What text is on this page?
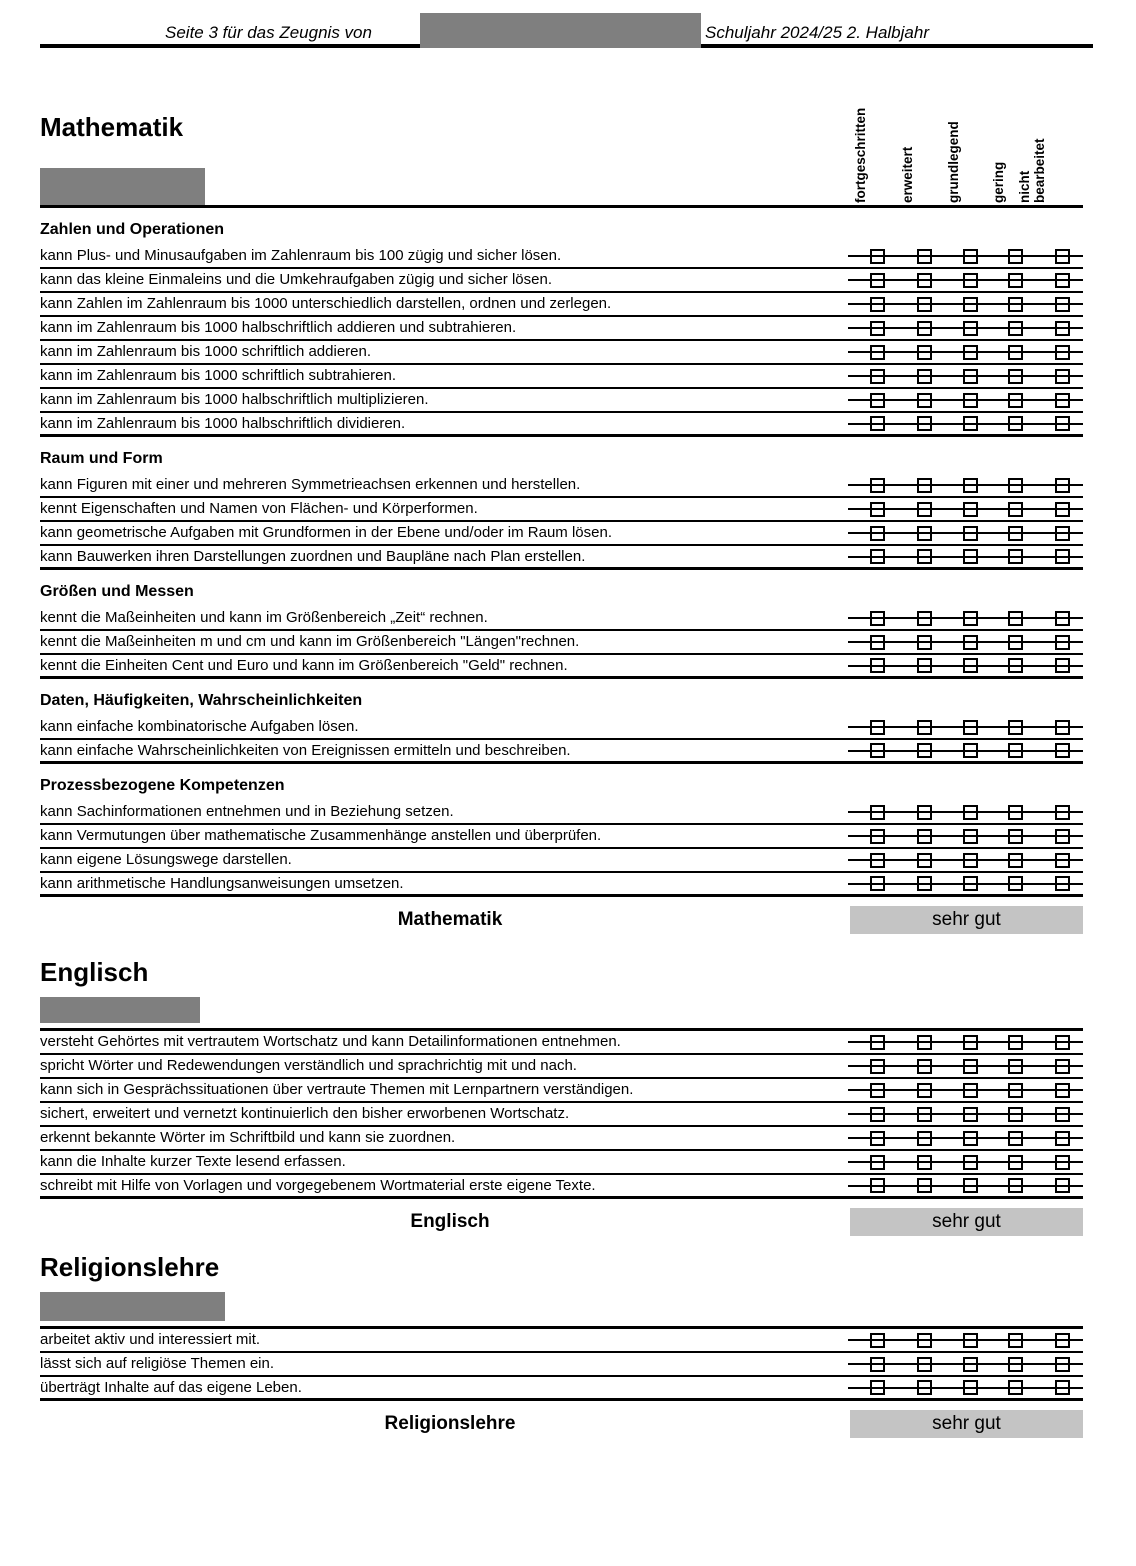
Seite 3 für das Zeugnis von	Schuljahr 2024/25 2. Halbjahr
Mathematik	fortgeschritten erweitert grundlegend gering nicht bearbeitet
Zahlen und Operationen
kann Plus- und Minusaufgaben im Zahlenraum bis 100 zügig und sicher lösen.
kann das kleine Einmaleins und die Umkehraufgaben zügig und sicher lösen.
kann Zahlen im Zahlenraum bis 1000 unterschiedlich darstellen, ordnen und zerlegen.
kann im Zahlenraum bis 1000 halbschriftlich addieren und subtrahieren.
kann im Zahlenraum bis 1000 schriftlich addieren.
kann im Zahlenraum bis 1000 schriftlich subtrahieren.
kann im Zahlenraum bis 1000 halbschriftlich multiplizieren.
kann im Zahlenraum bis 1000 halbschriftlich dividieren.
Raum und Form
kann Figuren mit einer und mehreren Symmetrieachsen erkennen und herstellen.
kennt Eigenschaften und Namen von Flächen- und Körperformen.
kann geometrische Aufgaben mit Grundformen in der Ebene und/oder im Raum lösen.
kann Bauwerken ihren Darstellungen zuordnen und Baupläne nach Plan erstellen.
Größen und Messen
kennt die Maßeinheiten und kann im Größenbereich „Zeit“ rechnen.
kennt die Maßeinheiten m und cm und kann im Größenbereich "Längen"rechnen.
kennt die Einheiten Cent und Euro und kann im Größenbereich "Geld" rechnen.
Daten, Häufigkeiten, Wahrscheinlichkeiten
kann einfache kombinatorische Aufgaben lösen.
kann einfache Wahrscheinlichkeiten von Ereignissen ermitteln und beschreiben.
Prozessbezogene Kompetenzen
kann Sachinformationen entnehmen und in Beziehung setzen.
kann Vermutungen über mathematische Zusammenhänge anstellen und überprüfen.
kann eigene Lösungswege darstellen.
kann arithmetische Handlungsanweisungen umsetzen.
Mathematik	sehr gut
Englisch
versteht Gehörtes mit vertrautem Wortschatz und kann Detailinformationen entnehmen.
spricht Wörter und Redewendungen verständlich und sprachrichtig mit und nach.
kann sich in Gesprächssituationen über vertraute Themen mit Lernpartnern verständigen.
sichert, erweitert und vernetzt kontinuierlich den bisher erworbenen Wortschatz.
erkennt bekannte Wörter im Schriftbild und kann sie zuordnen.
kann die Inhalte kurzer Texte lesend erfassen.
schreibt mit Hilfe von Vorlagen und vorgegebenem Wortmaterial erste eigene Texte.
Englisch	sehr gut
Religionslehre
arbeitet aktiv und interessiert mit.
lässt sich auf religiöse Themen ein.
überträgt Inhalte auf das eigene Leben.
Religionslehre	sehr gut
